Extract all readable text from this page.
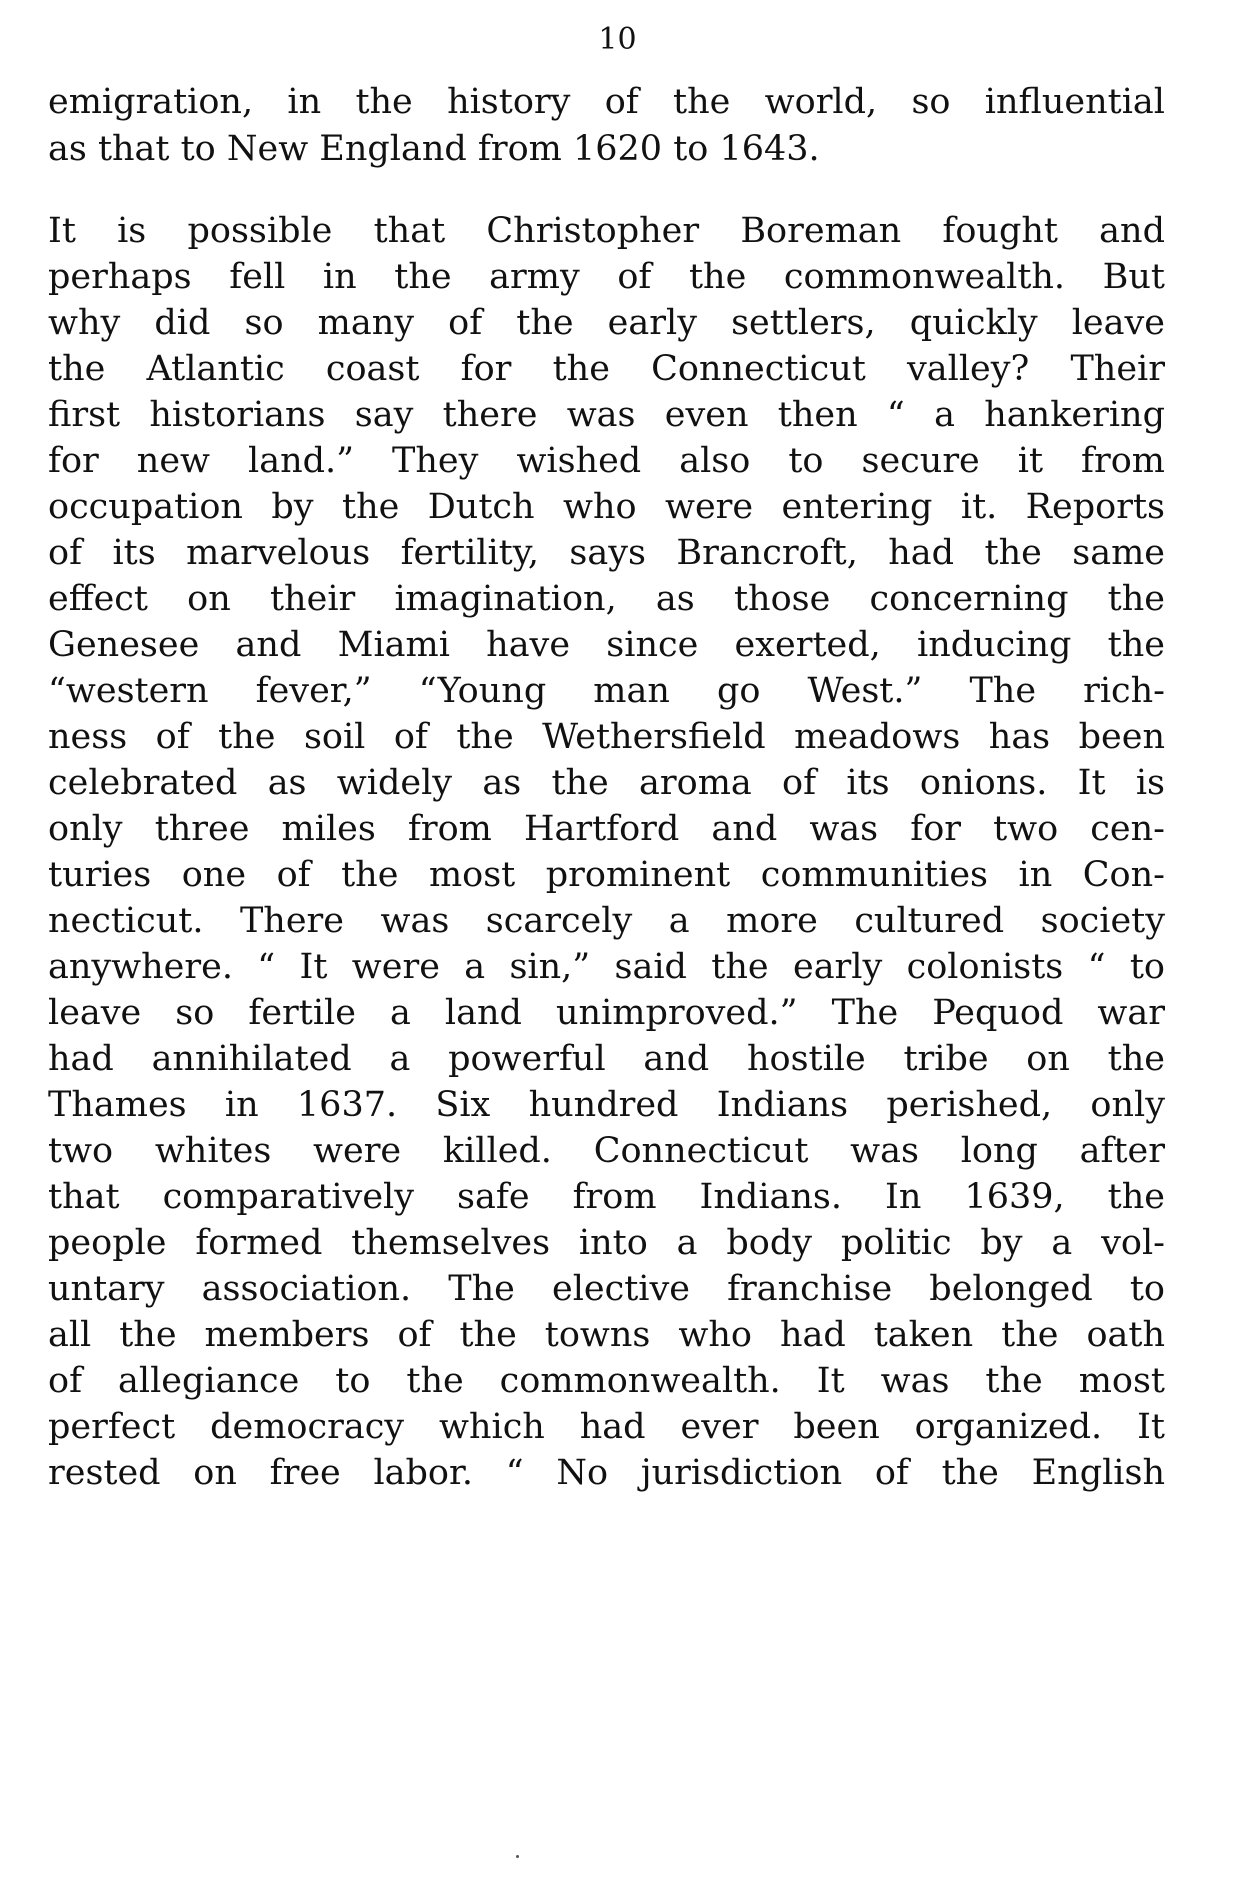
10
emigration, in the history of the world, so influential
as that to New England from 1620 to 1643.
It is possible that Christopher Boreman fought and
perhaps fell in the army of the commonwealth. But
why did so many of the early settlers, quickly leave
the Atlantic coast for the Connecticut valley? Their
first historians say there was even then “ a hankering
for new land.” They wished also to secure it from
occupation by the Dutch who were entering it. Reports
of its marvelous fertility, says Brancroft, had the same
effect on their imagination, as those concerning the
Genesee and Miami have since exerted, inducing the
“western fever,” “Young man go West.” The rich-
ness of the soil of the Wethersfield meadows has been
celebrated as widely as the aroma of its onions. It is
only three miles from Hartford and was for two cen-
turies one of the most prominent communities in Con-
necticut. There was scarcely a more cultured society
anywhere. “ It were a sin,” said the early colonists “ to
leave so fertile a land unimproved.” The Pequod war
had annihilated a powerful and hostile tribe on the
Thames in 1637. Six hundred Indians perished, only
two whites were killed. Connecticut was long after
that comparatively safe from Indians. In 1639, the
people formed themselves into a body politic by a vol-
untary association. The elective franchise belonged to
all the members of the towns who had taken the oath
of allegiance to the commonwealth. It was the most
perfect democracy which had ever been organized. It
rested on free labor. “ No jurisdiction of the English
